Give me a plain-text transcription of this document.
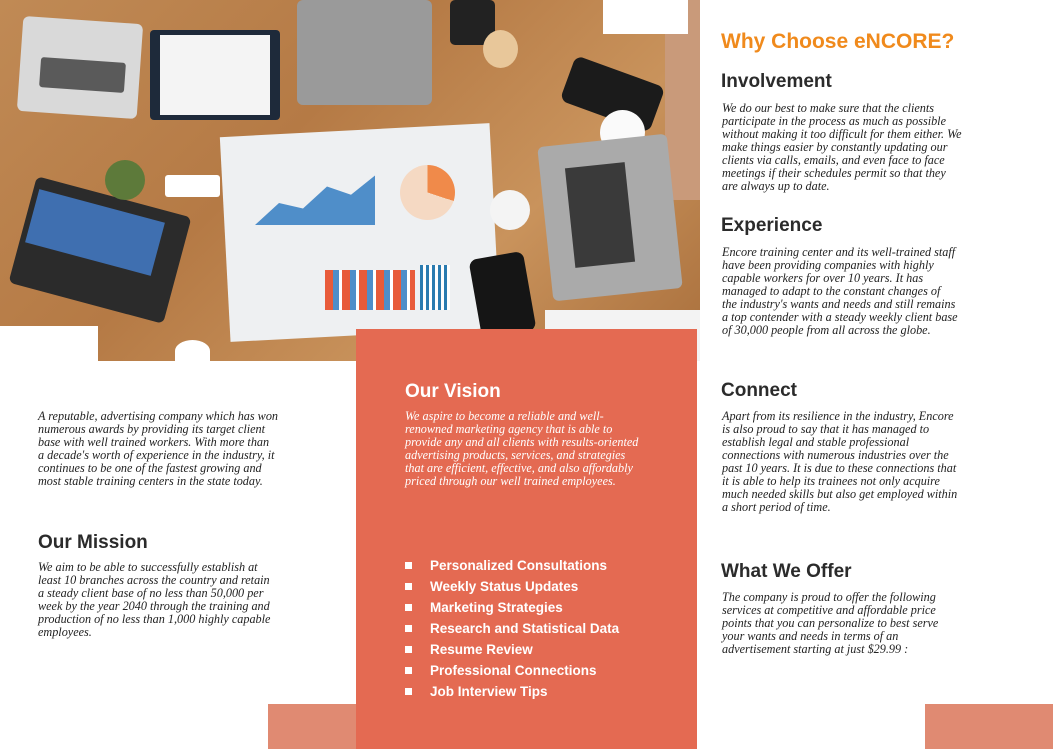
A reputable, advertising company which has won numerous awards by providing its target client base with well trained workers. With more than a decade's worth of experience in the industry, it continues to be one of the fastest growing and most stable training centers in the state today.

Our Mission

We aim to be able to successfully establish at least 10 branches across the country and retain a steady client base of no less than 50,000 per week by the year 2040 through the training and production of no less than 1,000 highly capable employees.

Our Vision

We aspire to become a reliable and well-renowned marketing agency that is able to provide any and all clients with results-oriented advertising products, services, and strategies that are efficient, effective, and also affordably priced through our well trained employees.

Personalized Consultations
Weekly Status Updates
Marketing Strategies
Research and Statistical Data
Resume Review
Professional Connections
Job Interview Tips
Why Choose eNCORE?
Involvement

We do our best to make sure that the clients participate in the process as much as possible without making it too difficult for them either. We make things easier by constantly updating our clients via calls, emails, and even face to face meetings if their schedules permit so that they are always up to date.

Experience

Encore training center and its well-trained staff have been providing companies with highly capable workers for over 10 years. It has managed to adapt to the constant changes of the industry's wants and needs and still remains a top contender with a steady weekly client base of 30,000 people from all across the globe.

Connect

Apart from its resilience in the industry, Encore is also proud to say that it has managed to establish legal and stable professional connections with numerous industries over the past 10 years. It is due to these connections that it is able to help its trainees not only acquire much needed skills but also get employed within a short period of time.

What We Offer

The company is proud to offer the following services at competitive and affordable price points that you can personalize to best serve your wants and needs in terms of an advertisement starting at just $29.99 :
